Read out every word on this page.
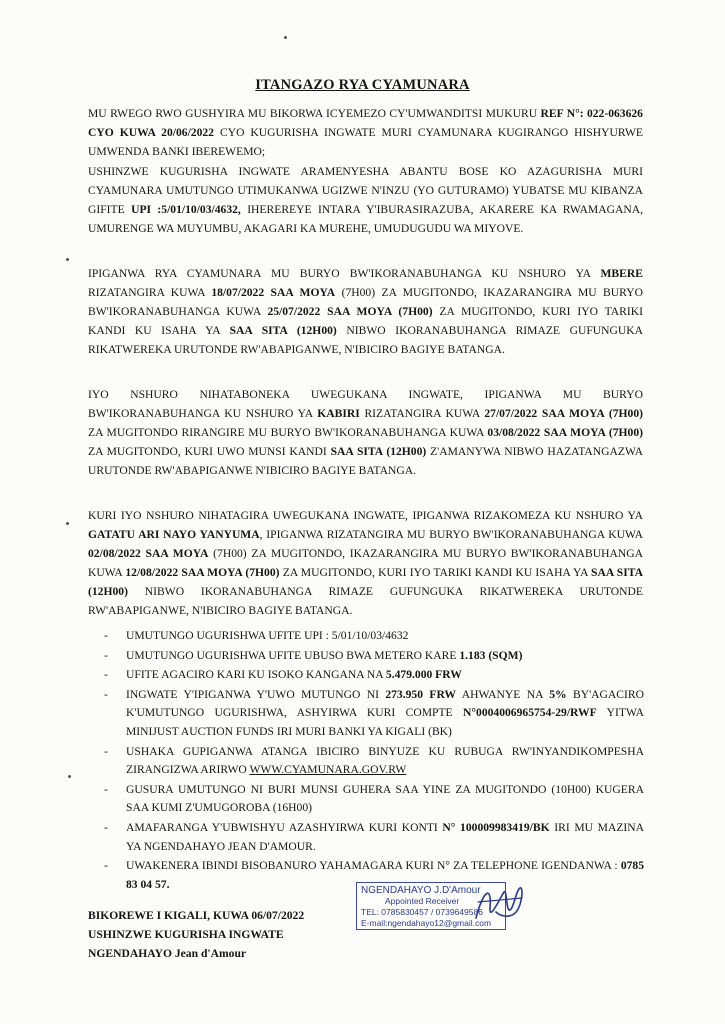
ITANGAZO RYA CYAMUNARA
MU RWEGO RWO GUSHYIRA MU BIKORWA ICYEMEZO CY'UMWANDITSI MUKURU REF N°: 022-063626 CYO KUWA 20/06/2022 CYO KUGURISHA INGWATE MURI CYAMUNARA KUGIRANGO HISHYURWE UMWENDA BANKI IBEREWEMO;
USHINZWE KUGURISHA INGWATE ARAMENYESHA ABANTU BOSE KO AZAGURISHA MURI CYAMUNARA UMUTUNGO UTIMUKANWA UGIZWE N'INZU (YO GUTURAMO) YUBATSE MU KIBANZA GIFITE UPI :5/01/10/03/4632, IHEREREYE INTARA Y'IBURASIRAZUBA, AKARERE KA RWAMAGANA, UMURENGE WA MUYUMBU, AKAGARI KA MUREHE, UMUDUGUDU WA MIYOVE.
IPIGANWA RYA CYAMUNARA MU BURYO BW'IKORANABUHANGA KU NSHURO YA MBERE RIZATANGIRA KUWA 18/07/2022 SAA MOYA (7H00) ZA MUGITONDO, IKAZARANGIRA MU BURYO BW'IKORANABUHANGA KUWA 25/07/2022 SAA MOYA (7H00) ZA MUGITONDO, KURI IYO TARIKI KANDI KU ISAHA YA SAA SITA (12H00) NIBWO IKORANABUHANGA RIMAZE GUFUNGUKA RIKATWEREKA URUTONDE RW'ABAPIGANWE, N'IBICIRO BAGIYE BATANGA.
IYO NSHURO NIHATABONEKA UWEGUKANA INGWATE, IPIGANWA MU BURYO BW'IKORANABUHANGA KU NSHURO YA KABIRI RIZATANGIRA KUWA 27/07/2022 SAA MOYA (7H00) ZA MUGITONDO RIRANGIRE MU BURYO BW'IKORANABUHANGA KUWA 03/08/2022 SAA MOYA (7H00) ZA MUGITONDO, KURI UWO MUNSI KANDI SAA SITA (12H00) Z'AMANYWA NIBWO HAZATANGAZWA URUTONDE RW'ABAPIGANWE N'IBICIRO BAGIYE BATANGA.
KURI IYO NSHURO NIHATAGIRA UWEGUKANA INGWATE, IPIGANWA RIZAKOMEZA KU NSHURO YA GATATU ARI NAYO YANYUMA, IPIGANWA RIZATANGIRA MU BURYO BW'IKORANABUHANGA KUWA 02/08/2022 SAA MOYA (7H00) ZA MUGITONDO, IKAZARANGIRA MU BURYO BW'IKORANABUHANGA KUWA 12/08/2022 SAA MOYA (7H00) ZA MUGITONDO, KURI IYO TARIKI KANDI KU ISAHA YA SAA SITA (12H00) NIBWO IKORANABUHANGA RIMAZE GUFUNGUKA RIKATWEREKA URUTONDE RW'ABAPIGANWE, N'IBICIRO BAGIYE BATANGA.
- UMUTUNGO UGURISHWA UFITE UPI : 5/01/10/03/4632
- UMUTUNGO UGURISHWA UFITE UBUSO BWA METERO KARE 1.183 (SQM)
- UFITE AGACIRO KARI KU ISOKO KANGANA NA 5.479.000 FRW
- INGWATE Y'IPIGANWA Y'UWO MUTUNGO NI 273.950 FRW AHWANYE NA 5% BY'AGACIRO K'UMUTUNGO UGURISHWA, ASHYIRWA KURI COMPTE N°0004006965754-29/RWF YITWA MINIJUST AUCTION FUNDS IRI MURI BANKI YA KIGALI (BK)
- USHAKA GUPIGANWA ATANGA IBICIRO BINYUZE KU RUBUGA RW'INYANDIKOMPESHA ZIRANGIZWA ARIRWO WWW.CYAMUNARA.GOV.RW
- GUSURA UMUTUNGO NI BURI MUNSI GUHERA SAA YINE ZA MUGITONDO (10H00) KUGERA SAA KUMI Z'UMUGOROBA (16H00)
- AMAFARANGA Y'UBWISHYU AZASHYIRWA KURI KONTI N° 100009983419/BK IRI MU MAZINA YA NGENDAHAYO JEAN D'AMOUR.
- UWAKENERA IBINDI BISOBANURO YAHAMAGARA KURI N° ZA TELEPHONE IGENDANWA : 0785 83 04 57.
BIKOREWE I KIGALI, KUWA 06/07/2022
USHINZWE KUGURISHA INGWATE
NGENDAHAYO Jean d'Amour
NGENDAHAYO J.D'Amour
Appointed Receiver
TEL: 0785830457 / 0739649586
E-mail:ngendahayo12@gmail.com
